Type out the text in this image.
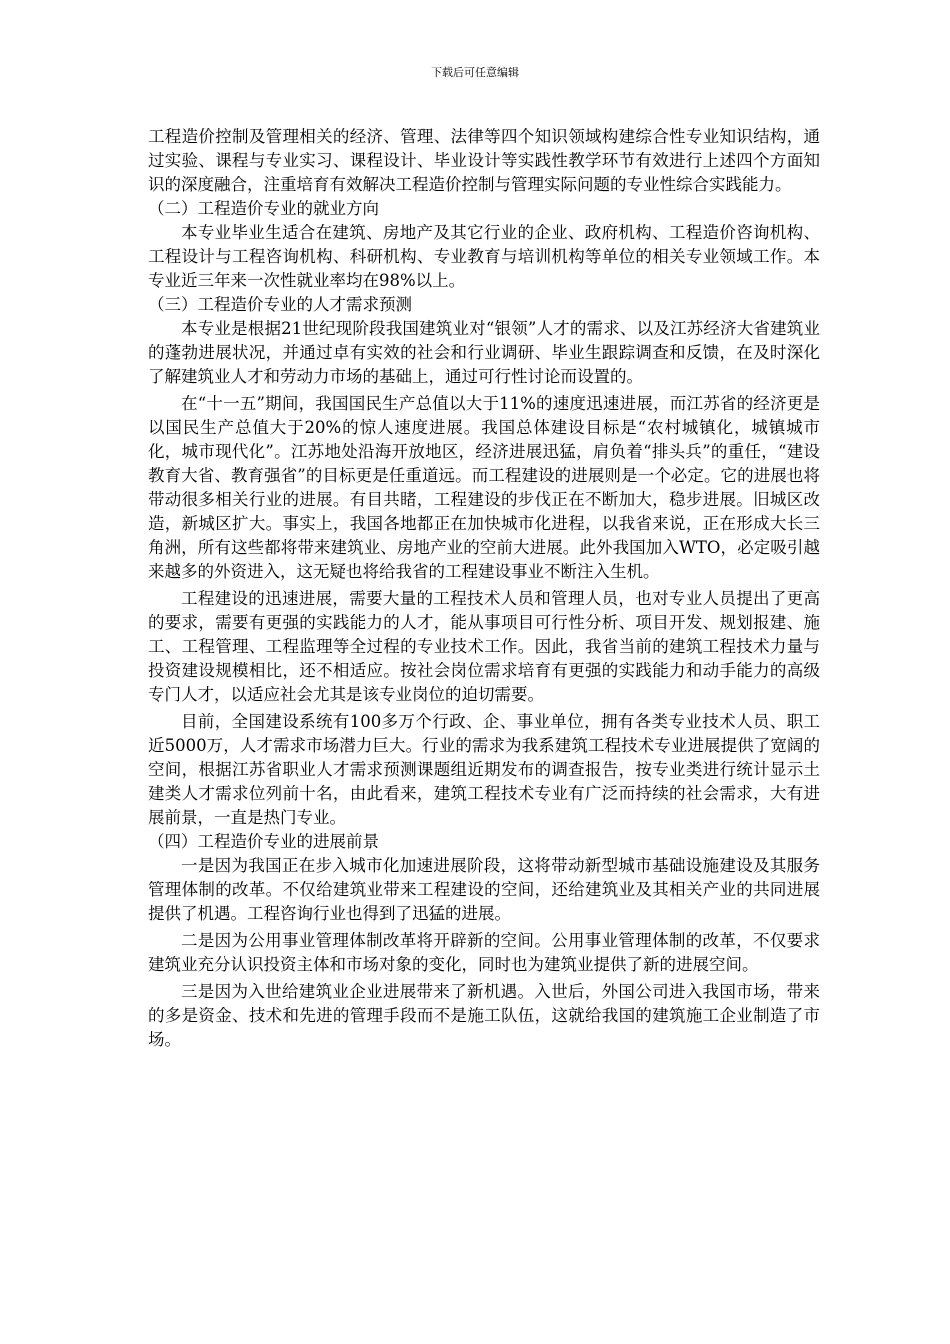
下载后可任意编辑

工程造价控制及管理相关的经济、管理、法律等四个知识领域构建综合性专业知识结构，通过实验、课程与专业实习、课程设计、毕业设计等实践性教学环节有效进行上述四个方面知识的深度融合，注重培育有效解决工程造价控制与管理实际问题的专业性综合实践能力。

（二）工程造价专业的就业方向

本专业毕业生适合在建筑、房地产及其它行业的企业、政府机构、工程造价咨询机构、工程设计与工程咨询机构、科研机构、专业教育与培训机构等单位的相关专业领域工作。本专业近三年来一次性就业率均在98%以上。

（三）工程造价专业的人才需求预测

本专业是根据21世纪现阶段我国建筑业对“银领”人才的需求、以及江苏经济大省建筑业的蓬勃进展状况，并通过卓有实效的社会和行业调研、毕业生跟踪调查和反馈，在及时深化了解建筑业人才和劳动力市场的基础上，通过可行性讨论而设置的。

在“十一五”期间，我国国民生产总值以大于11%的速度迅速进展，而江苏省的经济更是以国民生产总值大于20%的惊人速度进展。我国总体建设目标是“农村城镇化，城镇城市化，城市现代化”。江苏地处沿海开放地区，经济进展迅猛，肩负着“排头兵”的重任，“建设教育大省、教育强省”的目标更是任重道远。而工程建设的进展则是一个必定。它的进展也将带动很多相关行业的进展。有目共睹，工程建设的步伐正在不断加大，稳步进展。旧城区改造，新城区扩大。事实上，我国各地都正在加快城市化进程，以我省来说，正在形成大长三角洲，所有这些都将带来建筑业、房地产业的空前大进展。此外我国加入WTO，必定吸引越来越多的外资进入，这无疑也将给我省的工程建设事业不断注入生机。

工程建设的迅速进展，需要大量的工程技术人员和管理人员，也对专业人员提出了更高的要求，需要有更强的实践能力的人才，能从事项目可行性分析、项目开发、规划报建、施工、工程管理、工程监理等全过程的专业技术工作。因此，我省当前的建筑工程技术力量与投资建设规模相比，还不相适应。按社会岗位需求培育有更强的实践能力和动手能力的高级专门人才，以适应社会尤其是该专业岗位的迫切需要。

目前，全国建设系统有100多万个行政、企、事业单位，拥有各类专业技术人员、职工近5000万，人才需求市场潜力巨大。行业的需求为我系建筑工程技术专业进展提供了宽阔的空间，根据江苏省职业人才需求预测课题组近期发布的调查报告，按专业类进行统计显示土建类人才需求位列前十名，由此看来，建筑工程技术专业有广泛而持续的社会需求，大有进展前景，一直是热门专业。

（四）工程造价专业的进展前景

一是因为我国正在步入城市化加速进展阶段，这将带动新型城市基础设施建设及其服务管理体制的改革。不仅给建筑业带来工程建设的空间，还给建筑业及其相关产业的共同进展提供了机遇。工程咨询行业也得到了迅猛的进展。

二是因为公用事业管理体制改革将开辟新的空间。公用事业管理体制的改革，不仅要求建筑业充分认识投资主体和市场对象的变化，同时也为建筑业提供了新的进展空间。

三是因为入世给建筑业企业进展带来了新机遇。入世后，外国公司进入我国市场，带来的多是资金、技术和先进的管理手段而不是施工队伍，这就给我国的建筑施工企业制造了市场。
